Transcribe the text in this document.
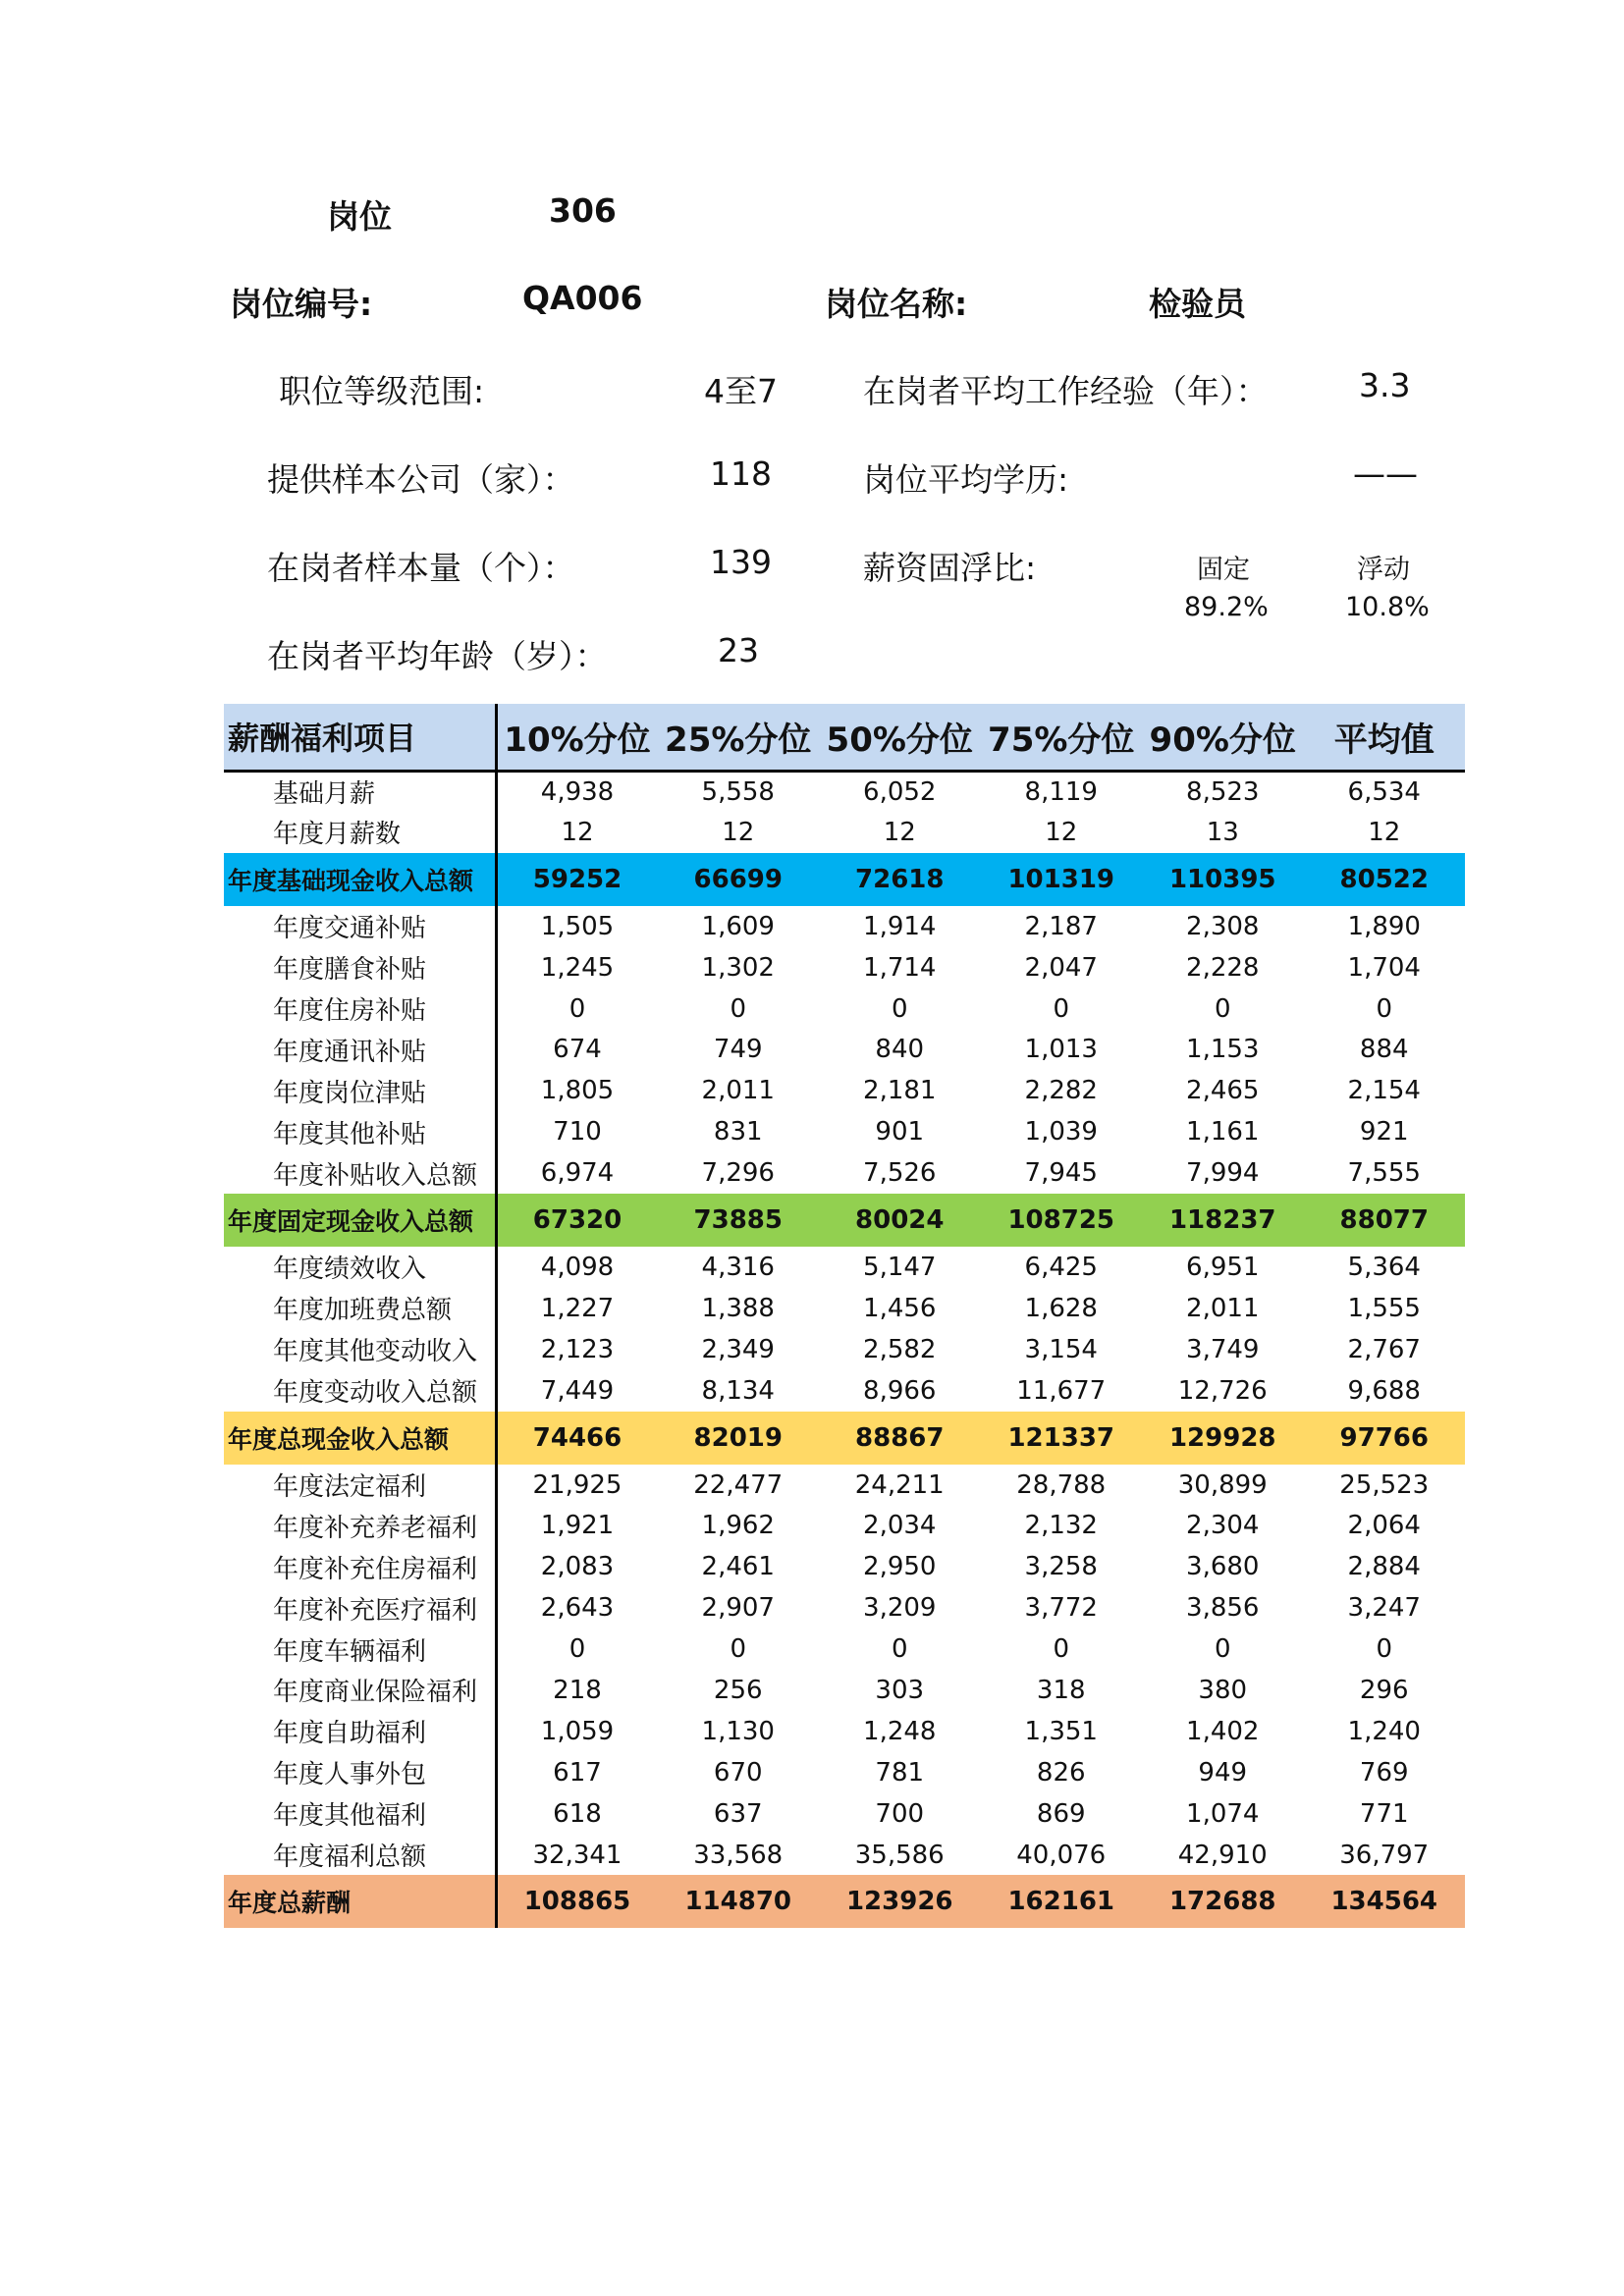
岗位	306
岗位编号:	QA006	岗位名称:	检验员
职位等级范围:	4至7	在岗者平均工作经验（年）：	3.3
提供样本公司（家）：	118	岗位平均学历:	——
在岗者样本量（个）：	139	薪资固浮比:	固定	浮动
89.2%	10.8%
在岗者平均年龄（岁）：	23
薪酬福利项目	10%分位	25%分位	50%分位	75%分位	90%分位	平均值
基础月薪	4,938	5,558	6,052	8,119	8,523	6,534
年度月薪数	12	12	12	12	13	12
年度基础现金收入总额	59252	66699	72618	101319	110395	80522
年度交通补贴	1,505	1,609	1,914	2,187	2,308	1,890
年度膳食补贴	1,245	1,302	1,714	2,047	2,228	1,704
年度住房补贴	0	0	0	0	0	0
年度通讯补贴	674	749	840	1,013	1,153	884
年度岗位津贴	1,805	2,011	2,181	2,282	2,465	2,154
年度其他补贴	710	831	901	1,039	1,161	921
年度补贴收入总额	6,974	7,296	7,526	7,945	7,994	7,555
年度固定现金收入总额	67320	73885	80024	108725	118237	88077
年度绩效收入	4,098	4,316	5,147	6,425	6,951	5,364
年度加班费总额	1,227	1,388	1,456	1,628	2,011	1,555
年度其他变动收入	2,123	2,349	2,582	3,154	3,749	2,767
年度变动收入总额	7,449	8,134	8,966	11,677	12,726	9,688
年度总现金收入总额	74466	82019	88867	121337	129928	97766
年度法定福利	21,925	22,477	24,211	28,788	30,899	25,523
年度补充养老福利	1,921	1,962	2,034	2,132	2,304	2,064
年度补充住房福利	2,083	2,461	2,950	3,258	3,680	2,884
年度补充医疗福利	2,643	2,907	3,209	3,772	3,856	3,247
年度车辆福利	0	0	0	0	0	0
年度商业保险福利	218	256	303	318	380	296
年度自助福利	1,059	1,130	1,248	1,351	1,402	1,240
年度人事外包	617	670	781	826	949	769
年度其他福利	618	637	700	869	1,074	771
年度福利总额	32,341	33,568	35,586	40,076	42,910	36,797
年度总薪酬	108865	114870	123926	162161	172688	134564
